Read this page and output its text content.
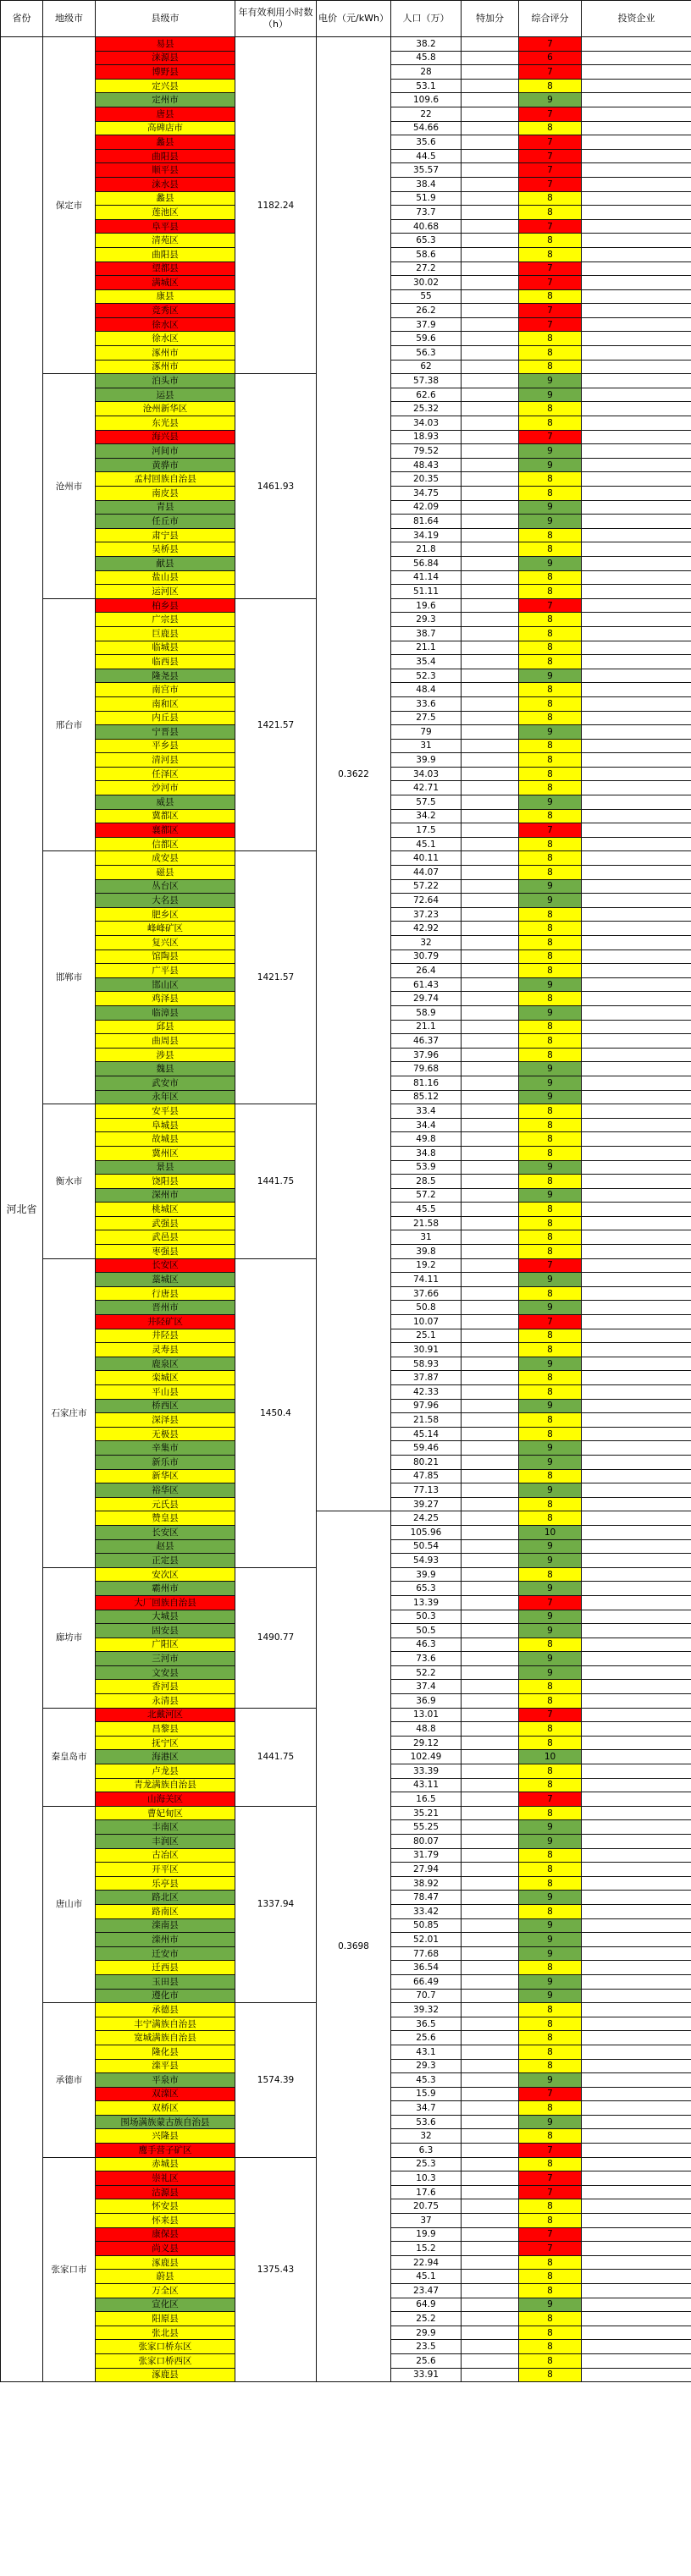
省份	地级市	县级市	年有效利用小时数（h）	电价（元/kWh）	人口（万）	特加分	综合评分	投资企业
河北省	保定市	易县	1182.24	0.3622	38.2		7	
		涞源县			45.8		6	
		博野县			28		7	
		定兴县			53.1		8	
		定州市			109.6		9	
		唐县			22		7	
		高碑店市			54.66		8	
		蠡县			35.6		7	
		曲阳县			44.5		7	
		顺平县			35.57		7	
		涞水县			38.4		7	
		蠡县			51.9		8	
		莲池区			73.7		8	
		阜平县			40.68		7	
		清苑区			65.3		8	
		曲阳县			58.6		8	
		望都县			27.2		7	
		满城区			30.02		7	
		康县			55		8	
		竞秀区			26.2		7	
		徐水区			37.9		7	
		徐水区			59.6		8	
		涿州市			56.3		8	
		涿州市			62		8	
	沧州市	泊头市	1461.93		57.38		9	
		运县			62.6		9	
		沧州新华区			25.32		8	
		东光县			34.03		8	
		海兴县			18.93		7	
		河间市			79.52		9	
		黄骅市			48.43		9	
		孟村回族自治县			20.35		8	
		南皮县			34.75		8	
		青县			42.09		9	
		任丘市			81.64		9	
		肃宁县			34.19		8	
		吴桥县			21.8		8	
		献县			56.84		9	
		盐山县			41.14		8	
		运河区			51.11		8	
	邢台市	柏乡县	1421.57		19.6		7	
		广宗县			29.3		8	
		巨鹿县			38.7		8	
		临城县			21.1		8	
		临西县			35.4		8	
		隆尧县			52.3		9	
		南宫市			48.4		8	
		南和区			33.6		8	
		内丘县			27.5		8	
		宁晋县			79		9	
		平乡县			31		8	
		清河县			39.9		8	
		任泽区			34.03		8	
		沙河市			42.71		8	
		威县			57.5		9	
		冀都区			34.2		8	
		襄都区			17.5		7	
		信都区			45.1		8	
	邯郸市	成安县	1421.57		40.11		8	
		磁县			44.07		8	
		丛台区			57.22		9	
		大名县			72.64		9	
		肥乡区			37.23		8	
		峰峰矿区			42.92		8	
		复兴区			32		8	
		馆陶县			30.79		8	
		广平县			26.4		8	
		邯山区			61.43		9	
		鸡泽县			29.74		8	
		临漳县			58.9		9	
		邱县			21.1		8	
		曲周县			46.37		8	
		涉县			37.96		8	
		魏县			79.68		9	
		武安市			81.16		9	
		永年区			85.12		9	
	衡水市	安平县	1441.75		33.4		8	
		阜城县			34.4		8	
		故城县			49.8		8	
		冀州区			34.8		8	
		景县			53.9		9	
		饶阳县			28.5		8	
		深州市			57.2		9	
		桃城区			45.5		8	
		武强县			21.58		8	
		武邑县			31		8	
		枣强县			39.8		8	
	石家庄市	长安区	1450.4		19.2		7	
		藁城区			74.11		9	
		行唐县			37.66		8	
		晋州市			50.8		9	
		井陉矿区			10.07		7	
		井陉县			25.1		8	
		灵寿县			30.91		8	
		鹿泉区			58.93		9	
		栾城区			37.87		8	
		平山县			42.33		8	
		桥西区			97.96		9	
		深泽县			21.58		8	
		无极县			45.14		8	
		辛集市			59.46		9	
		新乐市			80.21		9	
		新华区			47.85		8	
		裕华区			77.13		9	
		元氏县			39.27		8	
		赞皇县		0.3698	24.25		8	
		长安区			105.96		10	
		赵县			50.54		9	
		正定县			54.93		9	
	廊坊市	安次区	1490.77		39.9		8	
		霸州市			65.3		9	
		大厂回族自治县			13.39		7	
		大城县			50.3		9	
		固安县			50.5		9	
		广阳区			46.3		8	
		三河市			73.6		9	
		文安县			52.2		9	
		香河县			37.4		8	
		永清县			36.9		8	
	秦皇岛市	北戴河区	1441.75		13.01		7	
		昌黎县			48.8		8	
		抚宁区			29.12		8	
		海港区			102.49		10	
		卢龙县			33.39		8	
		青龙满族自治县			43.11		8	
		山海关区			16.5		7	
	唐山市	曹妃甸区	1337.94		35.21		8	
		丰南区			55.25		9	
		丰润区			80.07		9	
		古冶区			31.79		8	
		开平区			27.94		8	
		乐亭县			38.92		8	
		路北区			78.47		9	
		路南区			33.42		8	
		滦南县			50.85		9	
		滦州市			52.01		9	
		迁安市			77.68		9	
		迁西县			36.54		8	
		玉田县			66.49		9	
		遵化市			70.7		9	
	承德市	承德县	1574.39		39.32		8	
		丰宁满族自治县			36.5		8	
		宽城满族自治县			25.6		8	
		隆化县			43.1		8	
		滦平县			29.3		8	
		平泉市			45.3		9	
		双滦区			15.9		7	
		双桥区			34.7		8	
		围场满族蒙古族自治县			53.6		9	
		兴隆县			32		8	
		鹰手营子矿区			6.3		7	
	张家口市	赤城县	1375.43		25.3		8	
		崇礼区			10.3		7	
		沽源县			17.6		7	
		怀安县			20.75		8	
		怀来县			37		8	
		康保县			19.9		7	
		尚义县			15.2		7	
		涿鹿县			22.94		8	
		蔚县			45.1		8	
		万全区			23.47		8	
		宣化区			64.9		9	
		阳原县			25.2		8	
		张北县			29.9		8	
		张家口桥东区			23.5		8	
		张家口桥西区			25.6		8	
		涿鹿县			33.91		8	
